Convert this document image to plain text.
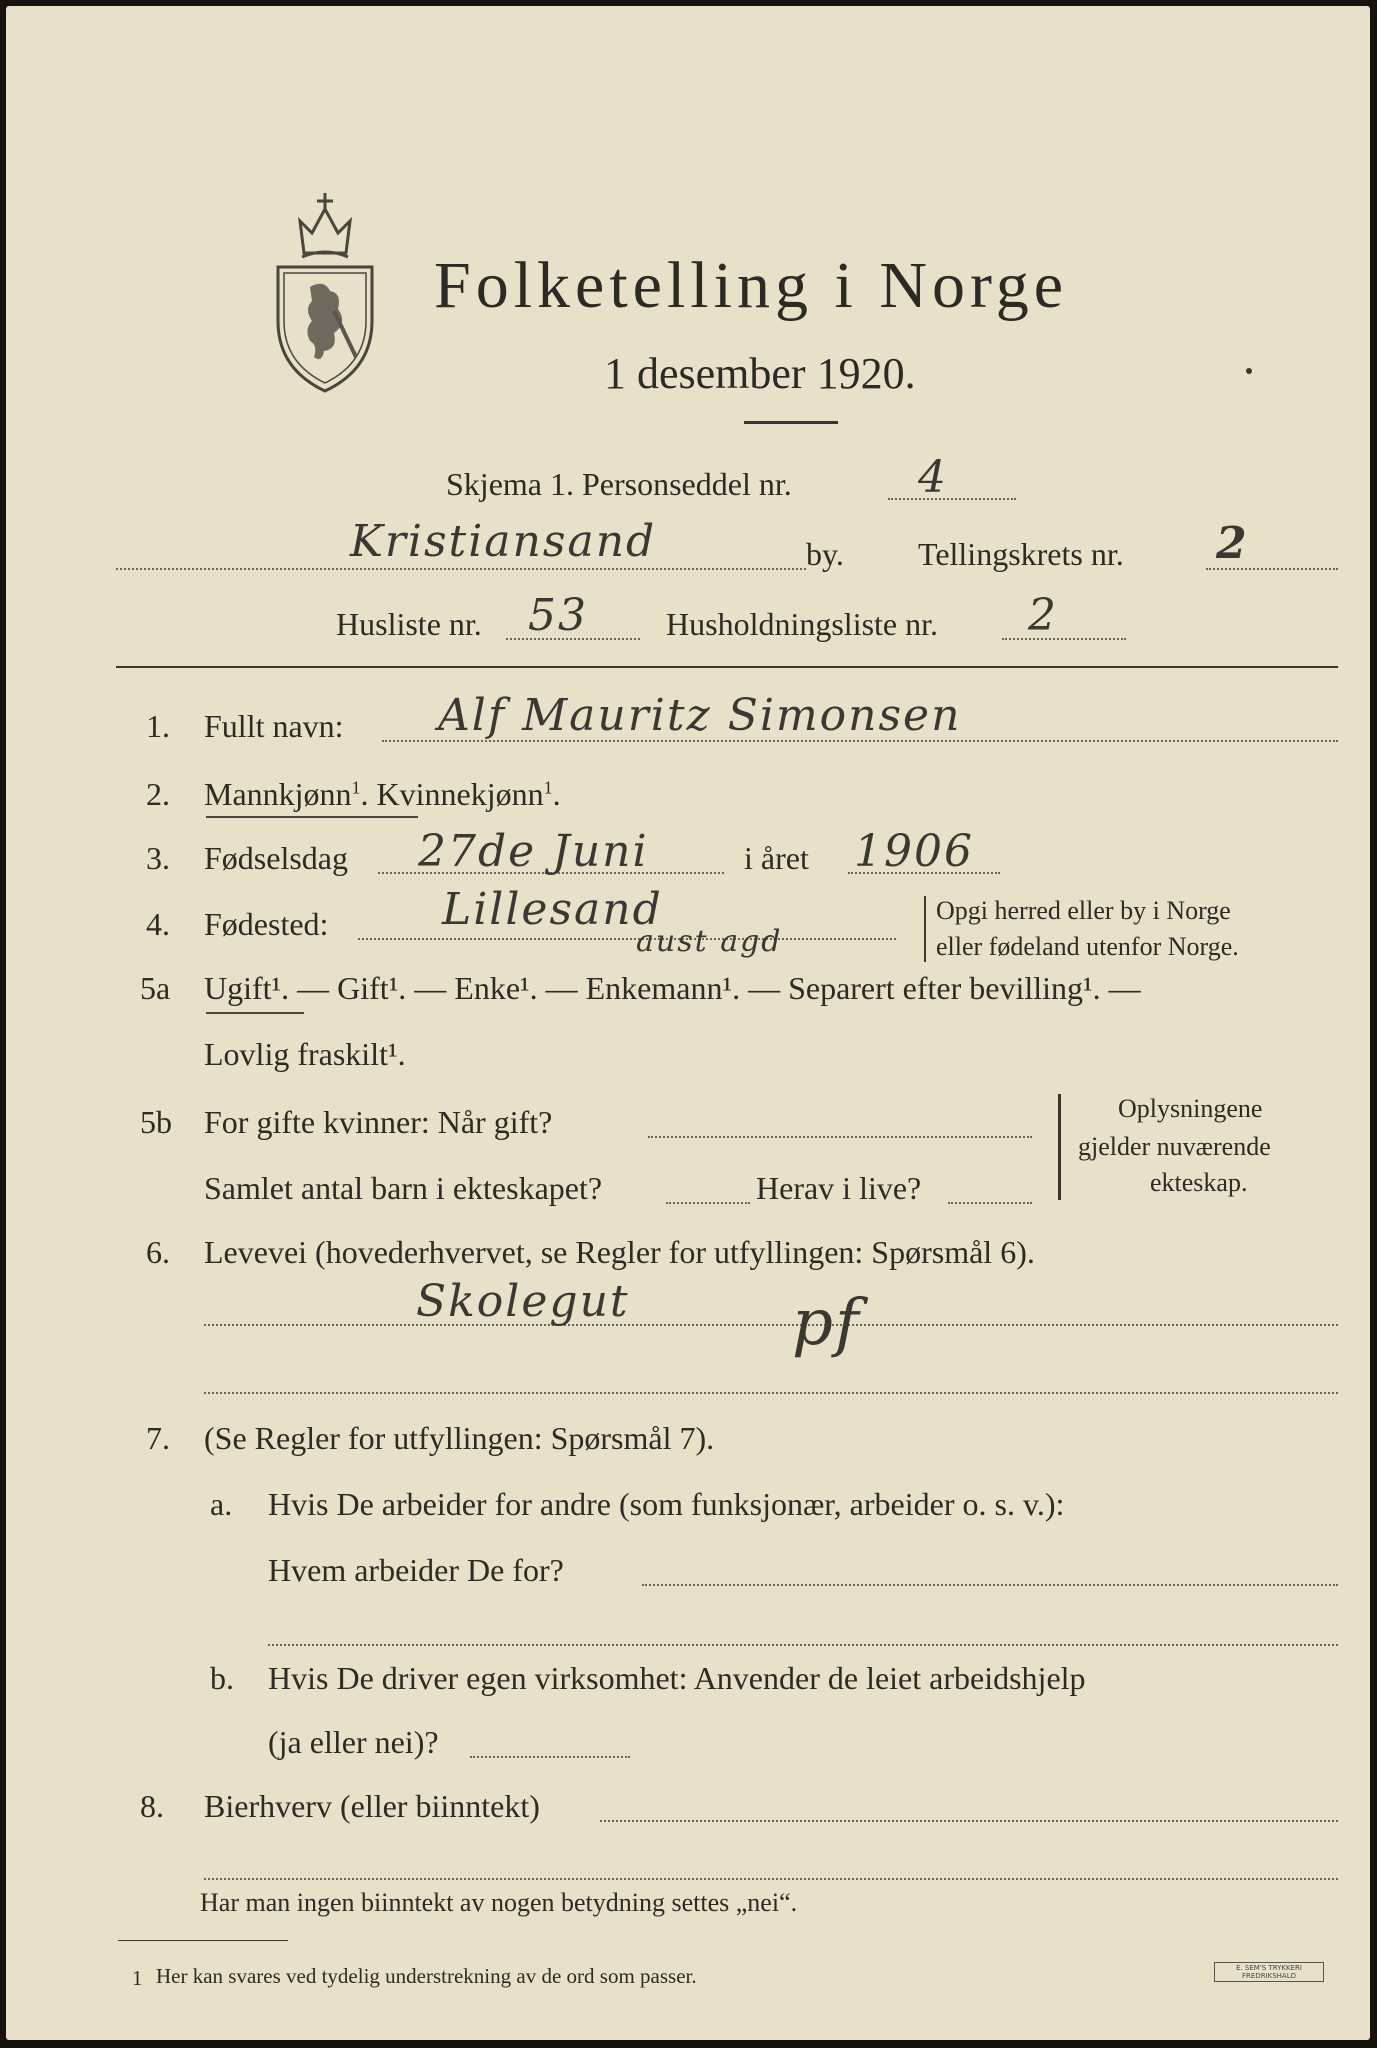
Folketelling i Norge
1 desember 1920.
Skjema 1. Personseddel nr.	4
Kristiansand	by. Tellingskrets nr. 2
Husliste nr. 53 Husholdningsliste nr. 2
1. Fullt navn: Alf Mauritz Simonsen
2. Mannkjønn$^1$. Kvinnekjønn$^1$.
3. Fødselsdag 27de Juni	i året 1906
4. Fødested:	Lillesand
aust agd
Opgi herred eller by i Norge
eller fødeland utenfor Norge.
5a Ugift¹. — Gift¹. — Enke¹. — Enkemann¹. — Separert efter bevilling¹. —
Lovlig fraskilt¹.
5b For gifte kvinner: Når gift?
Samlet antal barn i ekteskapet?	Herav i live?
Oplysningene
gjelder nuværende
ekteskap.
6. Levevei (hovederhvervet, se Regler for utfyllingen: Spørsmål 6).
Skolegut	pf
7. (Se Regler for utfyllingen: Spørsmål 7).
a. Hvis De arbeider for andre (som funksjonær, arbeider o. s. v.):
Hvem arbeider De for?
b. Hvis De driver egen virksomhet: Anvender de leiet arbeidshjelp
(ja eller nei)?
8. Bierhverv (eller biinntekt)
Har man ingen biinntekt av nogen betydning settes „nei“.
1 Her kan svares ved tydelig understrekning av de ord som passer.	E. SEM'S TRYKKERI
FREDRIKSHALD
